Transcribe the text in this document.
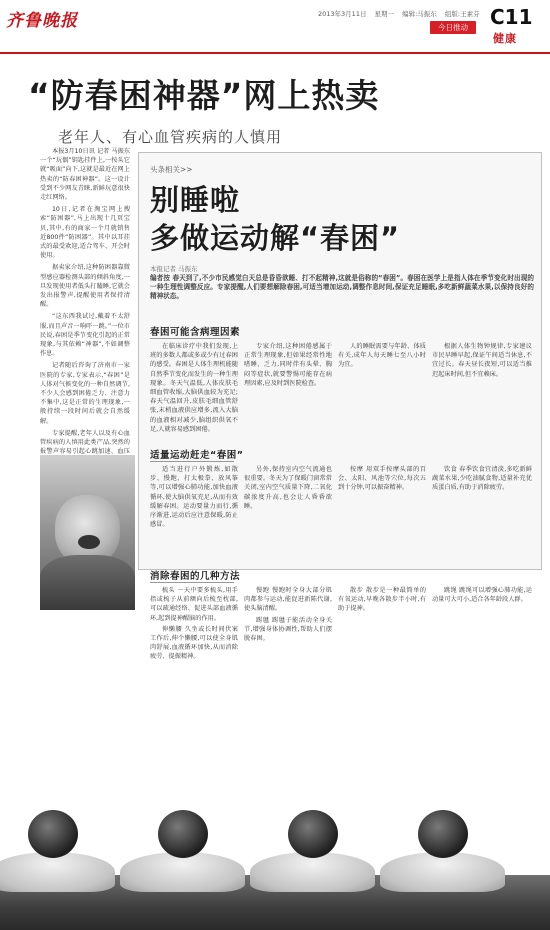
齐鲁晚报	2013年3月11日 星期一 编辑:马振东 组版:王素芬
今日推动	C11
健康
“防春困神器”网上热卖
老年人、有心血管疾病的人慎用

本报3月10日讯 记者 马振东 一个“玩偶”钥匙挂件上,一按头它就“吸面”向下,这就是最近在网上热卖的“防春困神器”。这一设计受到不少网友青睐,新鲜玩意很快走红网络。

10日,记者在淘宝网上搜索“防困器”,马上出现十几页宝贝,其中,有的商家一个月就销售近800件“防困器”。其中以耳挂式的最受欢迎,适合驾车、开会时使用。

据卖家介绍,这种防困器靠微型感应器检测头部的倾斜角度,一旦发现使用者低头打瞌睡,它就会发出报警声,提醒使用者保持清醒。

“这东西我试过,戴着不太舒服,而且声音一响吓一跳。”一位市民说,春困是季节变化引起的正常现象,与其依赖“神器”,不如调整作息。

记者随后咨询了济南市一家医院的专家,专家表示,“春困”是人体对气候变化的一种自然调节,不少人会感到困倦乏力、注意力不集中,这是正常的生理现象,一般持续一段时间后就会自然缓解。

专家提醒,老年人以及有心血管疾病的人慎用此类产品,突然的报警声容易引起心跳加速、血压

头条相关>>
别睡啦
多做运动解“春困”
本报记者 马振东
编者按 春天到了,不少市民感觉白天总是昏昏欲睡、打不起精神,这就是俗称的“春困”。春困在医学上是指人体在季节变化时出现的一种生理性调整反应。专家提醒,人们要想解除春困,可适当增加运动,调整作息时间,保证充足睡眠,多吃新鲜蔬菜水果,以保持良好的精神状态。
春困可能含病理因素

在临床诊疗中我们发现,上班的多数人都或多或少有过春困的感受。春困是人体生理机能随自然季节变化而发生的一种生理现象。冬天气温低,人体皮肤毛细血管收缩,大脑供血较为充足;春天气温回升,皮肤毛细血管舒张,末梢血液供应增多,流入大脑的血液相对减少,脑组织供氧不足,人就容易感到困倦。

专家介绍,这种困倦感属于正常生理现象,但如果经常性地嗜睡、乏力,同时伴有头晕、胸闷等症状,就要警惕可能存在病理因素,应及时到医院检查。

人的睡眠需要与年龄、体质有关,成年人每天睡七至八小时为宜。

根据人体生物钟规律,专家建议市民早睡早起,保证午间适当休息,不宜过长。春天昼长夜短,可以适当推迟起床时间,但不宜赖床。

适量运动赶走“春困”

适当进行户外锻炼,如散步、慢跑、打太极拳、放风筝等,可以增强心肺功能,加快血液循环,使大脑供氧充足,从而有效缓解春困。运动要量力而行,循序渐进,运动后应注意保暖,防止感冒。

另外,保持室内空气流通也很重要。冬天为了保暖门窗常常关闭,室内空气质量下降,二氧化碳浓度升高,也会让人昏昏欲睡。

按摩 用双手按摩头部的百会、太阳、风池等穴位,每次五到十分钟,可以振奋精神。

饮食 春季饮食宜清淡,多吃新鲜蔬菜水果,少吃油腻食物,适量补充优质蛋白质,有助于消除疲劳。

消除春困的几种方法

梳头 一天中要多梳头,用手指或梳子从前额向后梳至枕部,可以疏通经络、促进头部血液循环,起到提神醒脑的作用。

伸懒腰 久坐或长时间伏案工作后,伸个懒腰,可以使全身肌肉舒展,血液循环加快,从而消除疲劳、提振精神。

慢跑 慢跑时全身大部分肌肉都参与运动,能促进新陈代谢,使头脑清醒。

踢毽 踢毽子能活动全身关节,增强身体协调性,帮助人们摆脱春困。

散步 散步是一种最简单的有氧运动,早晚各散步半小时,有助于提神。

跳绳 跳绳可以增强心肺功能,运动量可大可小,适合各年龄段人群。
